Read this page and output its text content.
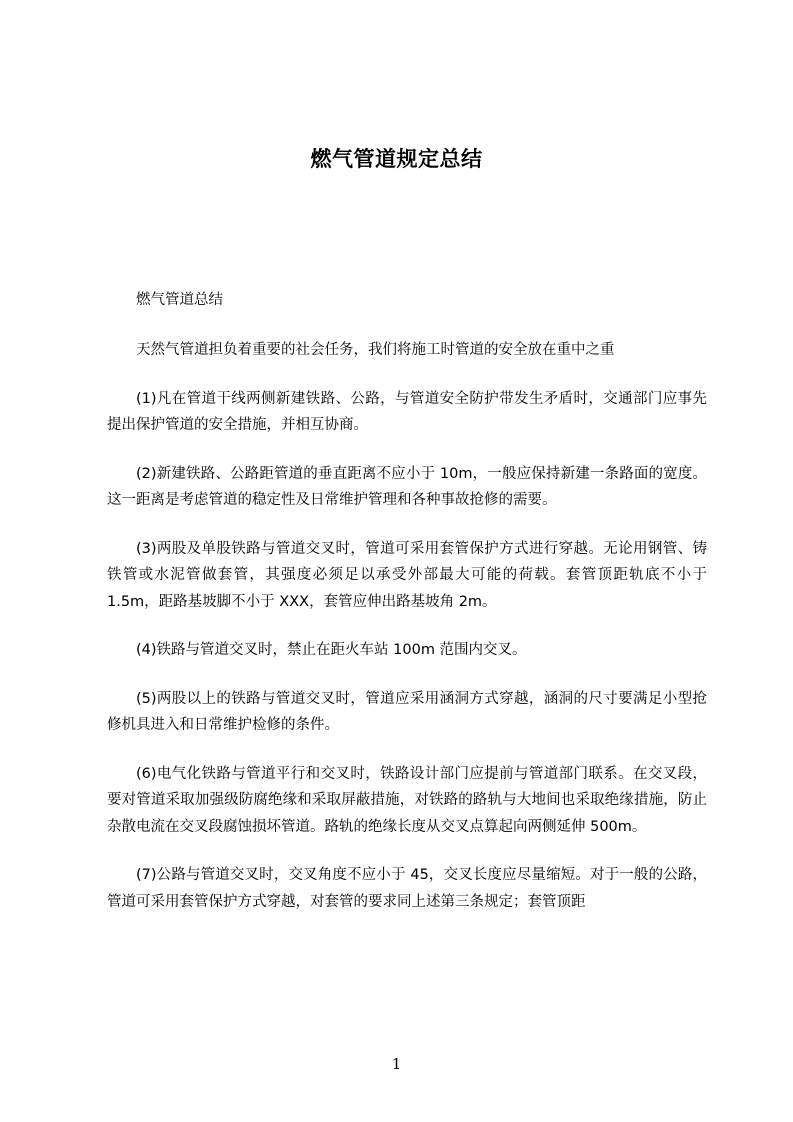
燃气管道规定总结

燃气管道总结

天然气管道担负着重要的社会任务，我们将施工时管道的安全放在重中之重

(1)凡在管道干线两侧新建铁路、公路，与管道安全防护带发生矛盾时，交通部门应事先提出保护管道的安全措施，并相互协商。

(2)新建铁路、公路距管道的垂直距离不应小于 10m，一般应保持新建一条路面的宽度。这一距离是考虑管道的稳定性及日常维护管理和各种事故抢修的需要。

(3)两股及单股铁路与管道交叉时，管道可采用套管保护方式进行穿越。无论用钢管、铸铁管或水泥管做套管，其强度必须足以承受外部最大可能的荷载。套管顶距轨底不小于 1.5m，距路基坡脚不小于 XXX，套管应伸出路基坡角 2m。

(4)铁路与管道交叉时，禁止在距火车站 100m 范围内交叉。

(5)两股以上的铁路与管道交叉时，管道应采用涵洞方式穿越，涵洞的尺寸要满足小型抢修机具进入和日常维护检修的条件。

(6)电气化铁路与管道平行和交叉时，铁路设计部门应提前与管道部门联系。在交叉段，要对管道采取加强级防腐绝缘和采取屏蔽措施，对铁路的路轨与大地间也采取绝缘措施，防止杂散电流在交叉段腐蚀损坏管道。路轨的绝缘长度从交叉点算起向两侧延伸 500m。

(7)公路与管道交叉时，交叉角度不应小于 45，交叉长度应尽量缩短。对于一般的公路，管道可采用套管保护方式穿越，对套管的要求同上述第三条规定；套管顶距

1
